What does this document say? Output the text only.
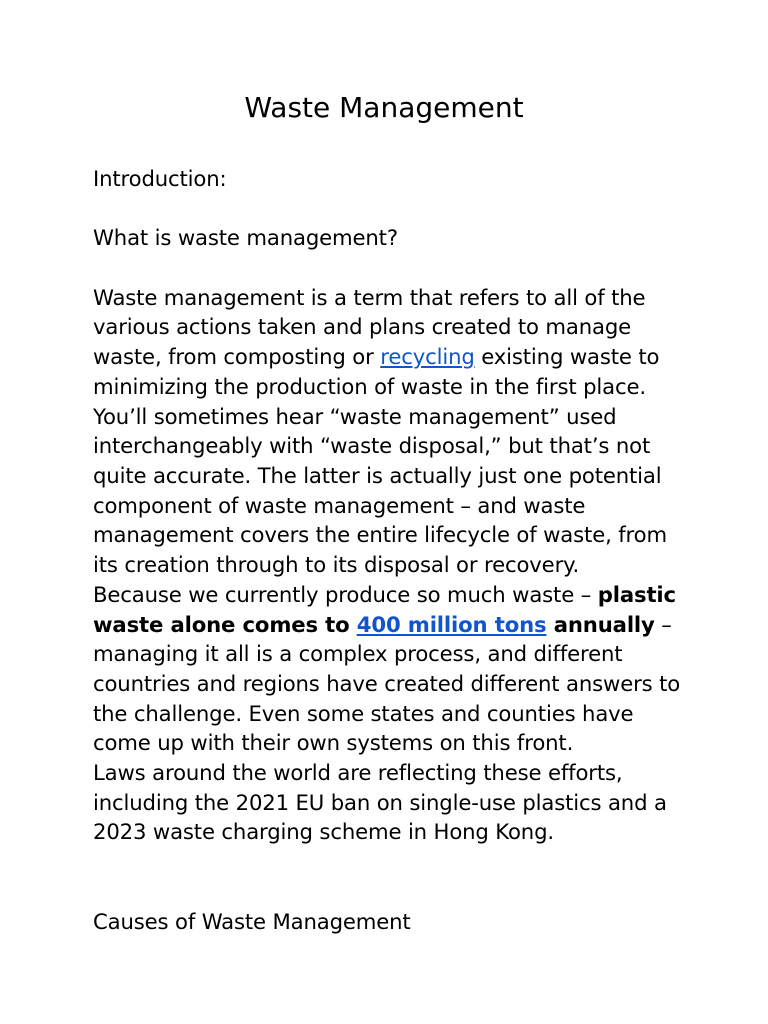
Waste Management

Introduction:

What is waste management?

Waste management is a term that refers to all of the various actions taken and plans created to manage waste, from composting or recycling existing waste to minimizing the production of waste in the first place. You’ll sometimes hear “waste management” used interchangeably with “waste disposal,” but that’s not quite accurate. The latter is actually just one potential component of waste management – and waste management covers the entire lifecycle of waste, from its creation through to its disposal or recovery.

Because we currently produce so much waste – plastic waste alone comes to 400 million tons annually – managing it all is a complex process, and different countries and regions have created different answers to the challenge. Even some states and counties have come up with their own systems on this front.

Laws around the world are reflecting these efforts, including the 2021 EU ban on single-use plastics and a 2023 waste charging scheme in Hong Kong.

Causes of Waste Management
